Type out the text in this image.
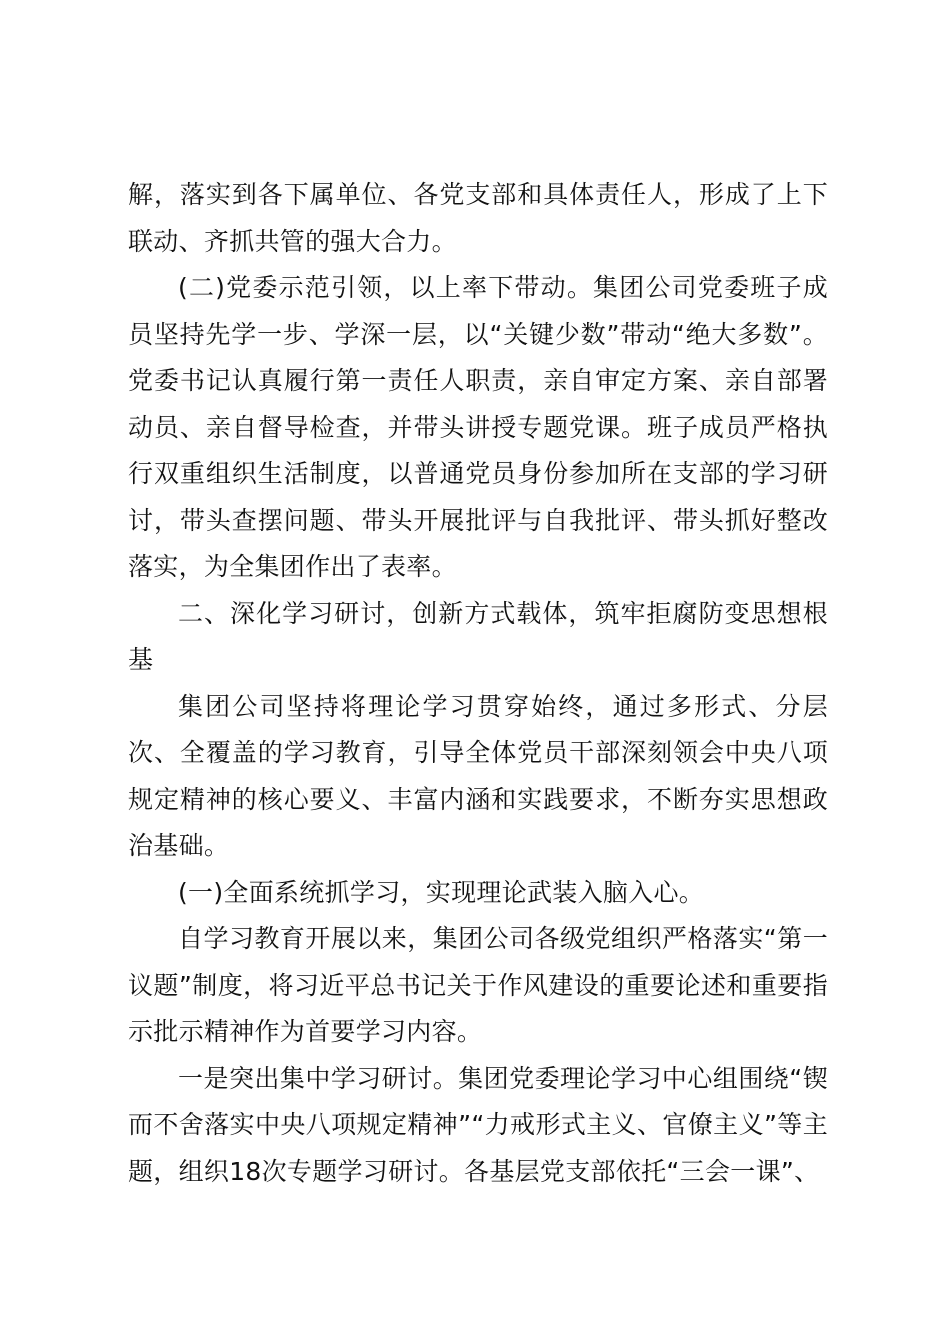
解，落实到各下属单位、各党支部和具体责任人，形成了上下联动、齐抓共管的强大合力。

(二)党委示范引领，以上率下带动。集团公司党委班子成员坚持先学一步、学深一层，以“关键少数”带动“绝大多数”。党委书记认真履行第一责任人职责，亲自审定方案、亲自部署动员、亲自督导检查，并带头讲授专题党课。班子成员严格执行双重组织生活制度，以普通党员身份参加所在支部的学习研讨，带头查摆问题、带头开展批评与自我批评、带头抓好整改落实，为全集团作出了表率。

二、深化学习研讨，创新方式载体，筑牢拒腐防变思想根基

集团公司坚持将理论学习贯穿始终，通过多形式、分层次、全覆盖的学习教育，引导全体党员干部深刻领会中央八项规定精神的核心要义、丰富内涵和实践要求，不断夯实思想政治基础。

(一)全面系统抓学习，实现理论武装入脑入心。

自学习教育开展以来，集团公司各级党组织严格落实“第一议题”制度，将习近平总书记关于作风建设的重要论述和重要指示批示精神作为首要学习内容。

一是突出集中学习研讨。集团党委理论学习中心组围绕“锲而不舍落实中央八项规定精神”“力戒形式主义、官僚主义”等主题，组织18次专题学习研讨。各基层党支部依托“三会一课”、
